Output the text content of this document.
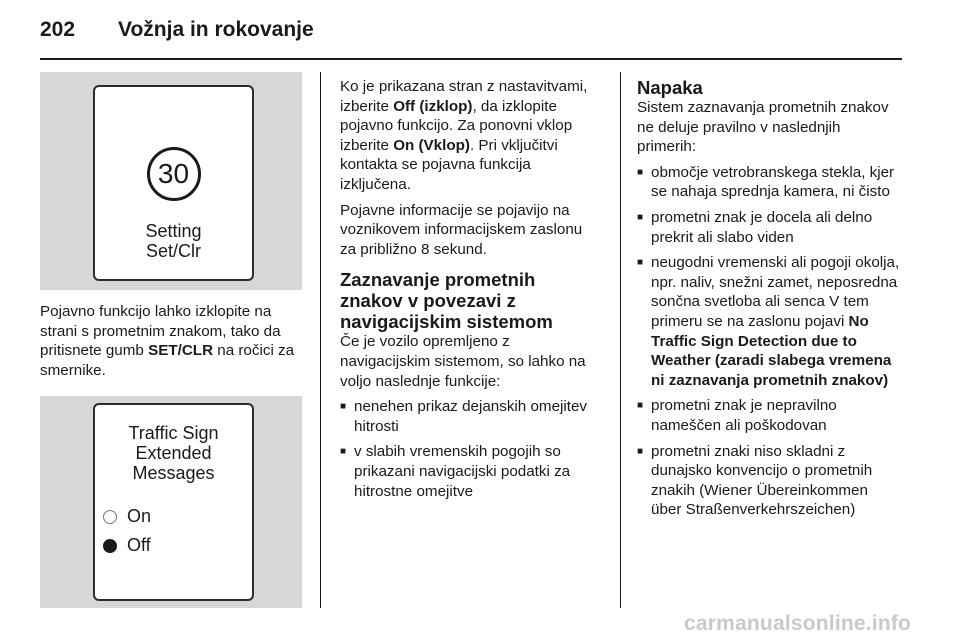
202	Vožnja in rokovanje
30
Setting
Set/Clr

Pojavno funkcijo lahko izklopite na strani s prometnim znakom, tako da pritisnete gumb SET/CLR na ročici za smernike.

Traffic Sign
Extended
Messages
On
Off

Ko je prikazana stran z nastavitvami, izberite Off (izklop), da izklopite pojavno funkcijo. Za ponovni vklop izberite On (Vklop). Pri vključitvi kontakta se pojavna funkcija izključena.

Pojavne informacije se pojavijo na voznikovem informacijskem zaslonu za približno 8 sekund.

Zaznavanje prometnih znakov v povezavi z navigacijskim sistemom

Če je vozilo opremljeno z navigacijskim sistemom, so lahko na voljo naslednje funkcije:

■ nenehen prikaz dejanskih omejitev hitrosti
■ v slabih vremenskih pogojih so prikazani navigacijski podatki za hitrostne omejitve
Napaka

Sistem zaznavanja prometnih znakov ne deluje pravilno v naslednjih primerih:

■ območje vetrobranskega stekla, kjer se nahaja sprednja kamera, ni čisto
■ prometni znak je docela ali delno prekrit ali slabo viden
■ neugodni vremenski ali pogoji okolja, npr. naliv, snežni zamet, neposredna sončna svetloba ali senca V tem primeru se na zaslonu pojavi No Traffic Sign Detection due to Weather (zaradi slabega vremena ni zaznavanja prometnih znakov)
■ prometni znak je nepravilno nameščen ali poškodovan
■ prometni znaki niso skladni z dunajsko konvencijo o prometnih znakih (Wiener Übereinkommen über Straßenverkehrszeichen)
carmanualsonline.info
